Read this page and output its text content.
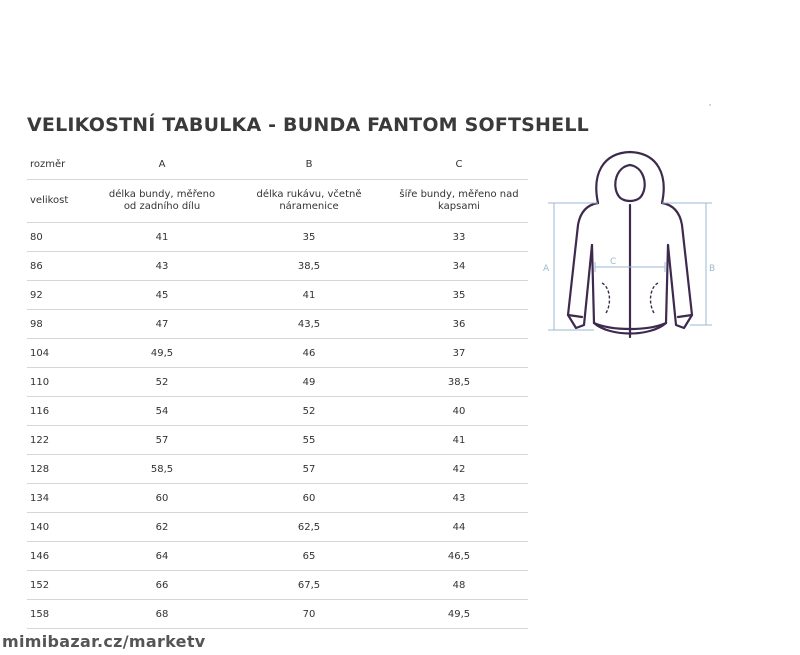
VELIKOSTNÍ TABULKA - BUNDA FANTOM SOFTSHELL
rozměr	A	B	C
velikost	délka bundy, měřeno od zadního dílu	délka rukávu, včetně náramenice	šíře bundy, měřeno nad kapsami
80	41	35	33
86	43	38,5	34
92	45	41	35
98	47	43,5	36
104	49,5	46	37
110	52	49	38,5
116	54	52	40
122	57	55	41
128	58,5	57	42
134	60	60	43
140	62	62,5	44
146	64	65	46,5
152	66	67,5	48
158	68	70	49,5
A	B
C
mimibazar.cz/marketv
